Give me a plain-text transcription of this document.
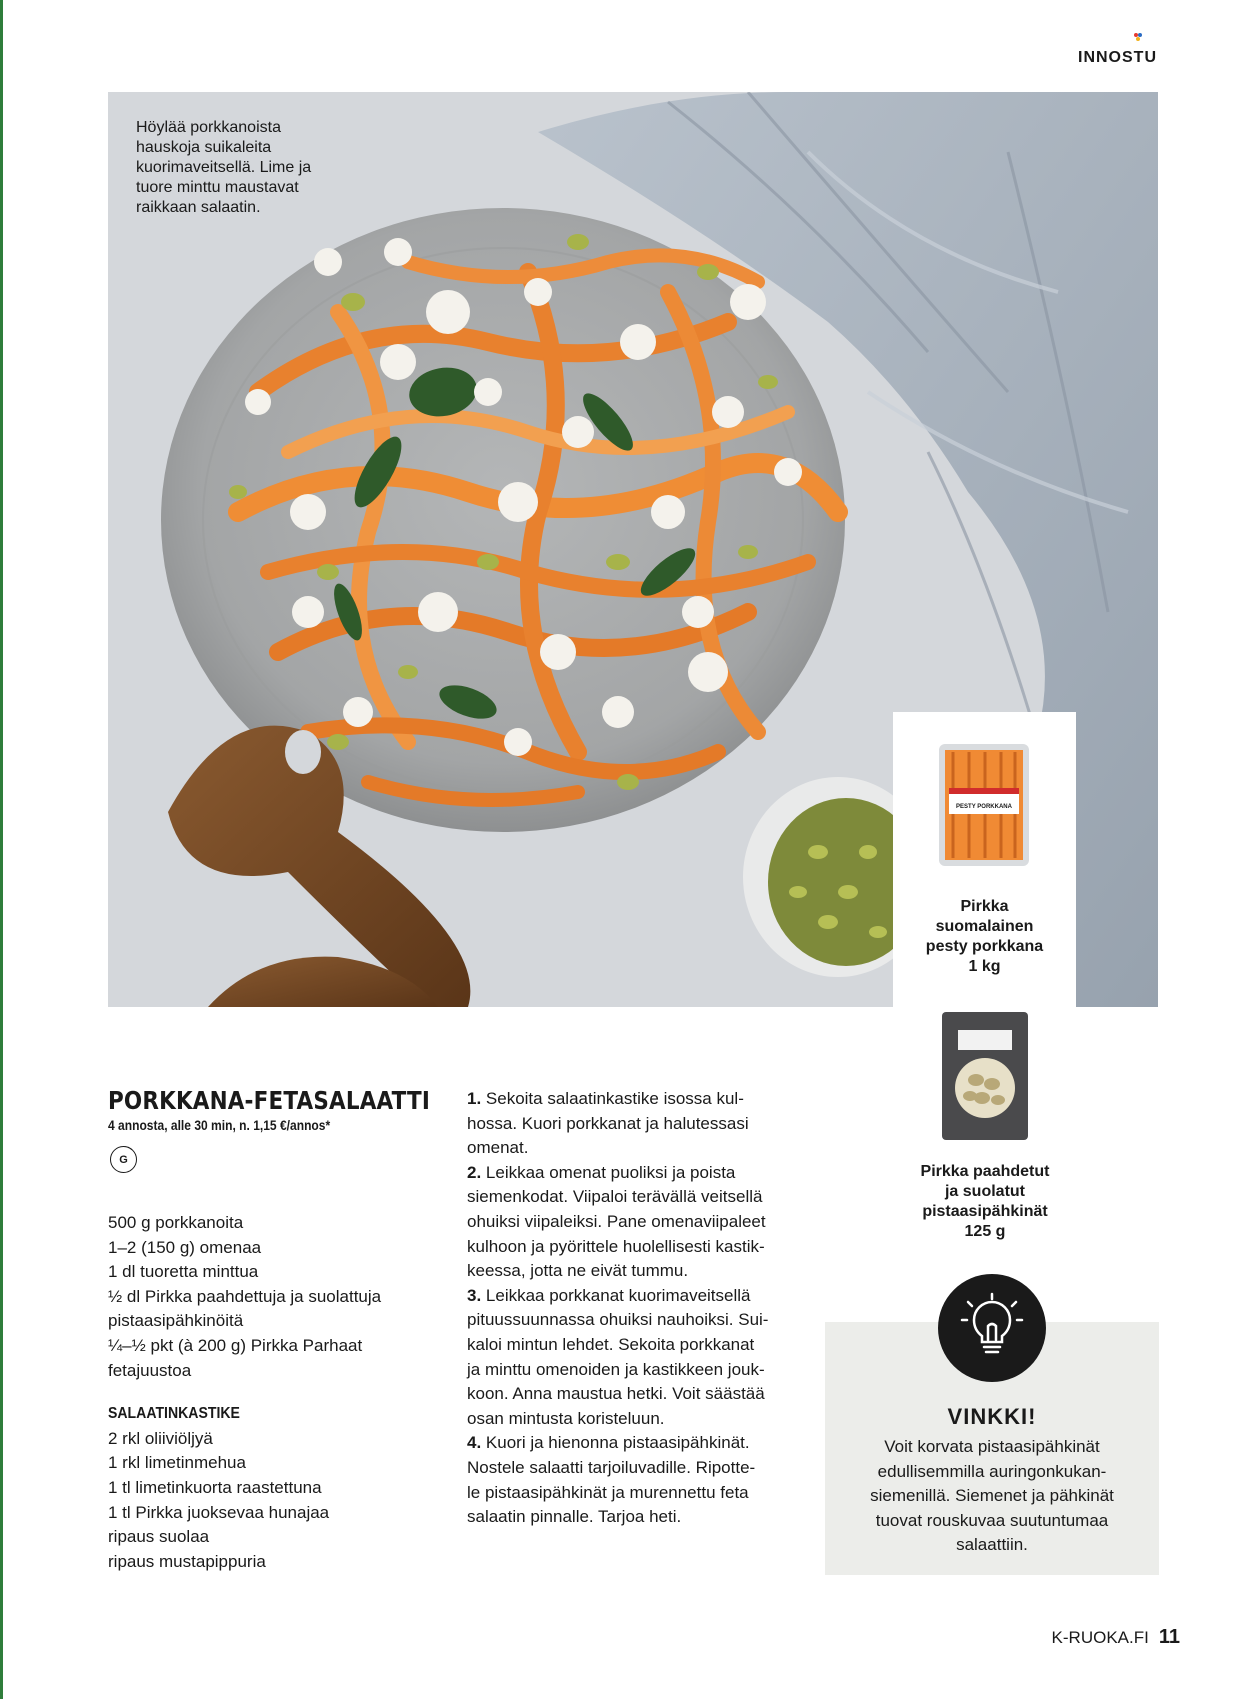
INNOSTU
Höylää porkkanoista
hauskoja suikaleita
kuorimaveitsellä. Lime ja
tuore minttu maustavat
raikkaan salaatin.
PESTY PORKKANA
Pirkka
suomalainen
pesty porkkana
1 kg
Pirkka paahdetut
ja suolatut
pistaasipähkinät
125 g
PORKKANA-FETASALAATTI
4 annosta, alle 30 min, n. 1,15 €/annos*
G
500 g porkkanoita
1–2 (150 g) omenaa
1 dl tuoretta minttua
½ dl Pirkka paahdettuja ja suolattuja
pistaasipähkinöitä
¼–½ pkt (à 200 g) Pirkka Parhaat
fetajuustoa
SALAATINKASTIKE
2 rkl oliiviöljyä
1 rkl limetinmehua
1 tl limetinkuorta raastettuna
1 tl Pirkka juoksevaa hunajaa
ripaus suolaa
ripaus mustapippuria
1. Sekoita salaatinkastike isossa kul-
hossa. Kuori porkkanat ja halutessasi
omenat.
2. Leikkaa omenat puoliksi ja poista
siemenkodat. Viipaloi terävällä veitsellä
ohuiksi viipaleiksi. Pane omenaviipaleet
kulhoon ja pyörittele huolellisesti kastik-
keessa, jotta ne eivät tummu.
3. Leikkaa porkkanat kuorimaveitsellä
pituussuunnassa ohuiksi nauhoiksi. Sui-
kaloi mintun lehdet. Sekoita porkkanat
ja minttu omenoiden ja kastikkeen jouk-
koon. Anna maustua hetki. Voit säästää
osan mintusta koristeluun.
4. Kuori ja hienonna pistaasipähkinät.
Nostele salaatti tarjoiluvadille. Ripotte-
le pistaasipähkinät ja murennettu feta
salaatin pinnalle. Tarjoa heti.
VINKKI!
Voit korvata pistaasipähkinät
edullisemmilla auringonkukan-
siemenillä. Siemenet ja pähkinät
tuovat rouskuvaa suutuntumaa
salaattiin.
K-RUOKA.FI 11
